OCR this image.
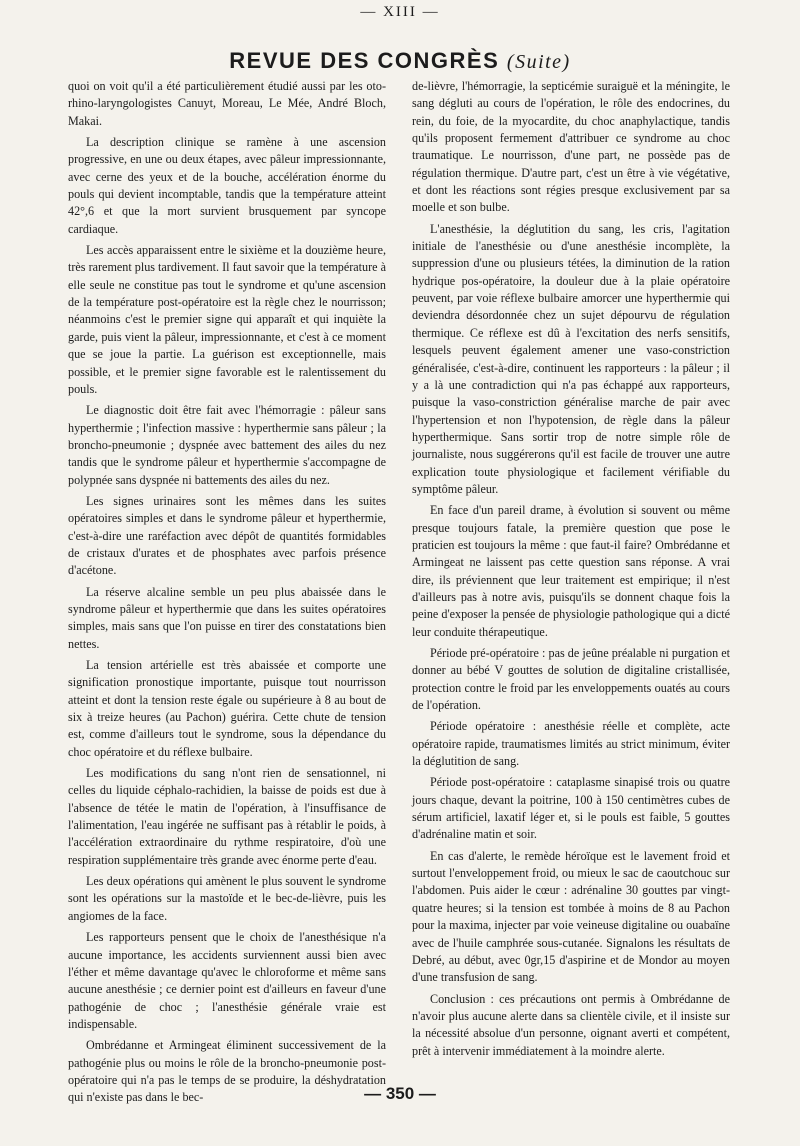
— XIII —
REVUE DES CONGRÈS (Suite)

quoi on voit qu'il a été particulièrement étudié aussi par les oto-rhino-laryngologistes Canuyt, Moreau, Le Mée, André Bloch, Makai.

La description clinique se ramène à une ascension progressive, en une ou deux étapes, avec pâleur impressionnante, avec cerne des yeux et de la bouche, accélération énorme du pouls qui devient incomptable, tandis que la température atteint 42°,6 et que la mort survient brusquement par syncope cardiaque.

Les accès apparaissent entre le sixième et la douzième heure, très rarement plus tardivement. Il faut savoir que la température à elle seule ne constitue pas tout le syndrome et qu'une ascension de la température post-opératoire est la règle chez le nourrisson; néanmoins c'est le premier signe qui apparaît et qui inquiète la garde, puis vient la pâleur, impressionnante, et c'est à ce moment que se joue la partie. La guérison est exceptionnelle, mais possible, et le premier signe favorable est le ralentissement du pouls.

Le diagnostic doit être fait avec l'hémorragie : pâleur sans hyperthermie ; l'infection massive : hyperthermie sans pâleur ; la broncho-pneumonie ; dyspnée avec battement des ailes du nez tandis que le syndrome pâleur et hyperthermie s'accompagne de polypnée sans dyspnée ni battements des ailes du nez.

Les signes urinaires sont les mêmes dans les suites opératoires simples et dans le syndrome pâleur et hyperthermie, c'est-à-dire une raréfaction avec dépôt de quantités formidables de cristaux d'urates et de phosphates avec parfois présence d'acétone.

La réserve alcaline semble un peu plus abaissée dans le syndrome pâleur et hyperthermie que dans les suites opératoires simples, mais sans que l'on puisse en tirer des constatations bien nettes.

La tension artérielle est très abaissée et comporte une signification pronostique importante, puisque tout nourrisson atteint et dont la tension reste égale ou supérieure à 8 au bout de six à treize heures (au Pachon) guérira. Cette chute de tension est, comme d'ailleurs tout le syndrome, sous la dépendance du choc opératoire et du réflexe bulbaire.

Les modifications du sang n'ont rien de sensationnel, ni celles du liquide céphalo-rachidien, la baisse de poids est due à l'absence de tétée le matin de l'opération, à l'insuffisance de l'alimentation, l'eau ingérée ne suffisant pas à rétablir le poids, à l'accélération extraordinaire du rythme respiratoire, d'où une respiration supplémentaire très grande avec énorme perte d'eau.

Les deux opérations qui amènent le plus souvent le syndrome sont les opérations sur la mastoïde et le bec-de-lièvre, puis les angiomes de la face.

Les rapporteurs pensent que le choix de l'anesthésique n'a aucune importance, les accidents surviennent aussi bien avec l'éther et même davantage qu'avec le chloroforme et même sans aucune anesthésie ; ce dernier point est d'ailleurs en faveur d'une pathogénie de choc ; l'anesthésie générale vraie est indispensable.

Ombrédanne et Armingeat éliminent successivement de la pathogénie plus ou moins le rôle de la broncho-pneumonie post-opératoire qui n'a pas le temps de se produire, la déshydratation qui n'existe pas dans le bec-

de-lièvre, l'hémorragie, la septicémie suraiguë et la méningite, le sang dégluti au cours de l'opération, le rôle des endocrines, du rein, du foie, de la myocardite, du choc anaphylactique, tandis qu'ils proposent fermement d'attribuer ce syndrome au choc traumatique. Le nourrisson, d'une part, ne possède pas de régulation thermique. D'autre part, c'est un être à vie végétative, et dont les réactions sont régies presque exclusivement par sa moelle et son bulbe.

L'anesthésie, la déglutition du sang, les cris, l'agitation initiale de l'anesthésie ou d'une anesthésie incomplète, la suppression d'une ou plusieurs tétées, la diminution de la ration hydrique pos-opératoire, la douleur due à la plaie opératoire peuvent, par voie réflexe bulbaire amorcer une hyperthermie qui deviendra désordonnée chez un sujet dépourvu de régulation thermique. Ce réflexe est dû à l'excitation des nerfs sensitifs, lesquels peuvent également amener une vaso-constriction généralisée, c'est-à-dire, continuent les rapporteurs : la pâleur ; il y a là une contradiction qui n'a pas échappé aux rapporteurs, puisque la vaso-constriction généralise marche de pair avec l'hypertension et non l'hypotension, de règle dans la pâleur hyperthermique. Sans sortir trop de notre simple rôle de journaliste, nous suggérerons qu'il est facile de trouver une autre explication toute physiologique et facilement vérifiable du symptôme pâleur.

En face d'un pareil drame, à évolution si souvent ou même presque toujours fatale, la première question que pose le praticien est toujours la même : que faut-il faire? Ombrédanne et Armingeat ne laissent pas cette question sans réponse. A vrai dire, ils préviennent que leur traitement est empirique; il n'est d'ailleurs pas à notre avis, puisqu'ils se donnent chaque fois la peine d'exposer la pensée de physiologie pathologique qui a dicté leur conduite thérapeutique.

Période pré-opératoire : pas de jeûne préalable ni purgation et donner au bébé V gouttes de solution de digitaline cristallisée, protection contre le froid par les enveloppements ouatés au cours de l'opération.

Période opératoire : anesthésie réelle et complète, acte opératoire rapide, traumatismes limités au strict minimum, éviter la déglutition de sang.

Période post-opératoire : cataplasme sinapisé trois ou quatre jours chaque, devant la poitrine, 100 à 150 centimètres cubes de sérum artificiel, laxatif léger et, si le pouls est faible, 5 gouttes d'adrénaline matin et soir.

En cas d'alerte, le remède héroïque est le lavement froid et surtout l'enveloppement froid, ou mieux le sac de caoutchouc sur l'abdomen. Puis aider le cœur : adrénaline 30 gouttes par vingt-quatre heures; si la tension est tombée à moins de 8 au Pachon pour la maxima, injecter par voie veineuse digitaline ou ouabaïne avec de l'huile camphrée sous-cutanée. Signalons les résultats de Debré, au début, avec 0gr,15 d'aspirine et de Mondor au moyen d'une transfusion de sang.

Conclusion : ces précautions ont permis à Ombrédanne de n'avoir plus aucune alerte dans sa clientèle civile, et il insiste sur la nécessité absolue d'un personne, oignant averti et compétent, prêt à intervenir immédiatement à la moindre alerte.

— 350 —
